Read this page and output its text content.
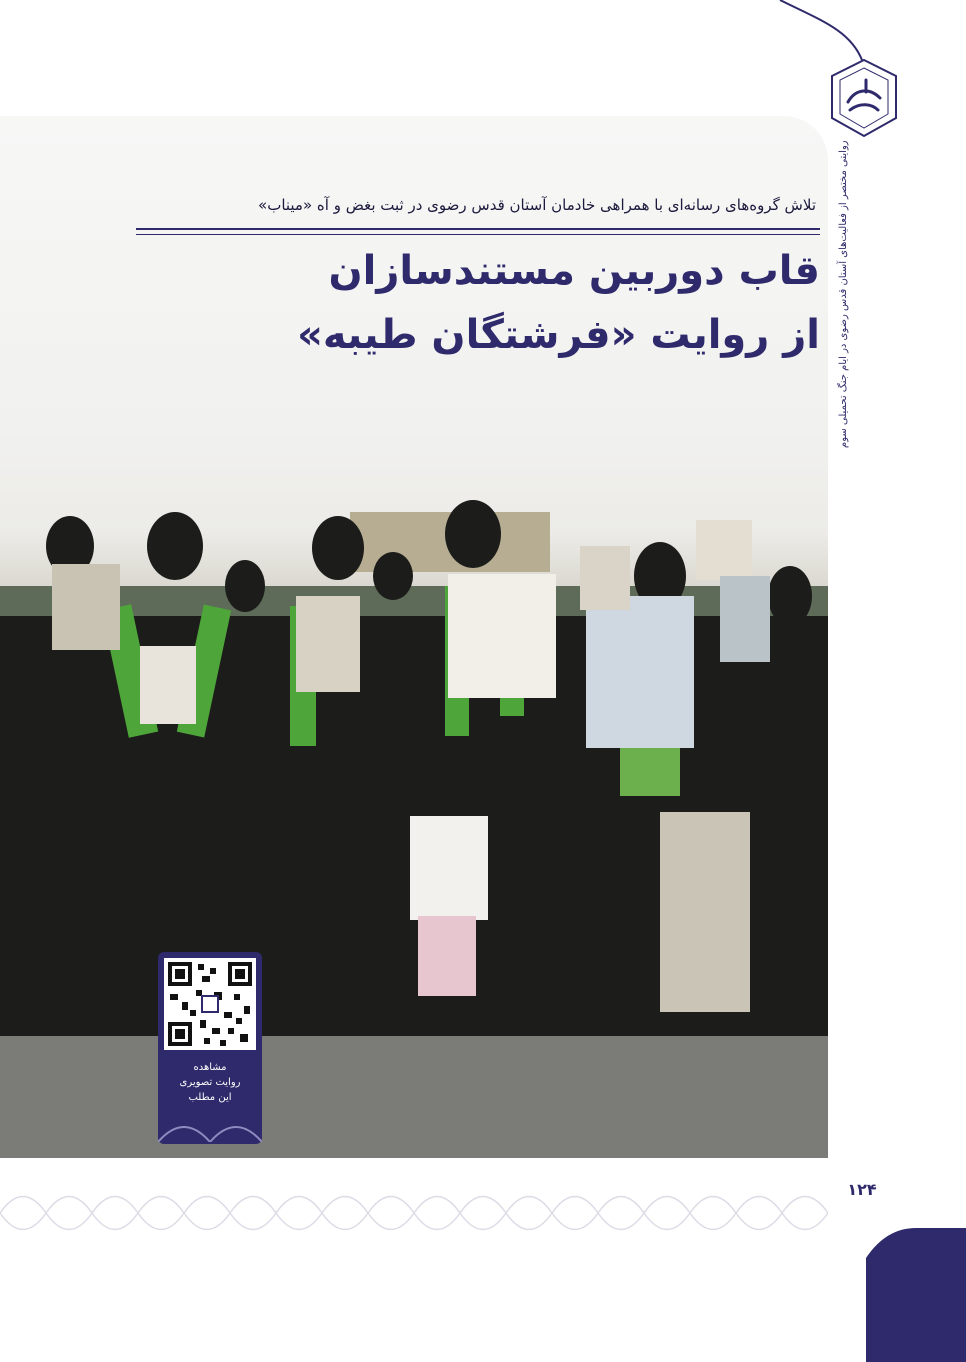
روایتی مختصر از فعالیت‌های آستان قدس رضوی در ایام جنگ تحمیلی سوم
تلاش گروه‌های رسانه‌ای با همراهی خادمان آستان قدس رضوی در ثبت بغض و آه «میناب»
قاب دوربین مستندسازان
از روایت «فرشتگان طیبه»
مشاهده
روایت تصویری
این مطلب
۱۲۴
